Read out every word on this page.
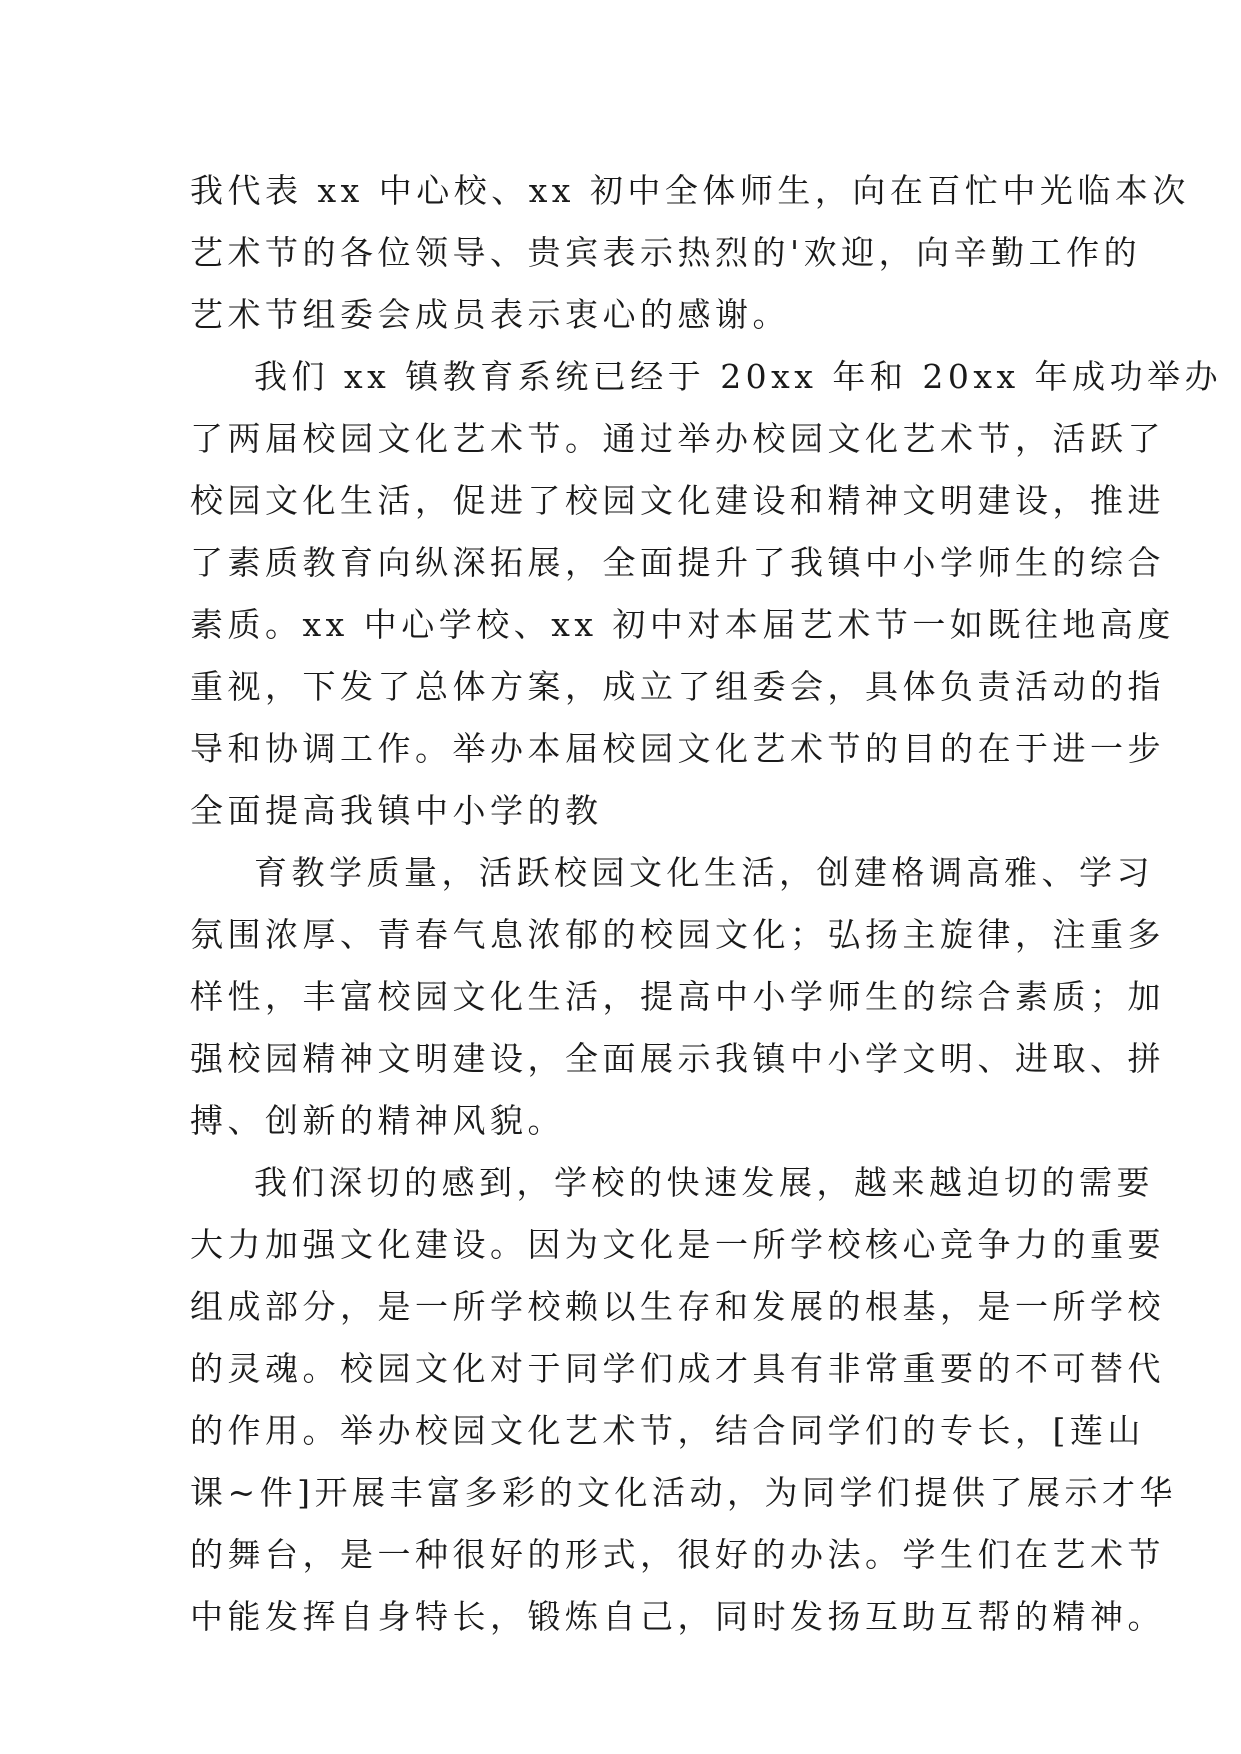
我代表 xx 中心校、xx 初中全体师生，向在百忙中光临本次
艺术节的各位领导、贵宾表示热烈的'欢迎，向辛勤工作的
艺术节组委会成员表示衷心的感谢。

我们 xx 镇教育系统已经于 20xx 年和 20xx 年成功举办
了两届校园文化艺术节。通过举办校园文化艺术节，活跃了
校园文化生活，促进了校园文化建设和精神文明建设，推进
了素质教育向纵深拓展，全面提升了我镇中小学师生的综合
素质。xx 中心学校、xx 初中对本届艺术节一如既往地高度
重视，下发了总体方案，成立了组委会，具体负责活动的指
导和协调工作。举办本届校园文化艺术节的目的在于进一步
全面提高我镇中小学的教

育教学质量，活跃校园文化生活，创建格调高雅、学习
氛围浓厚、青春气息浓郁的校园文化；弘扬主旋律，注重多
样性，丰富校园文化生活，提高中小学师生的综合素质；加
强校园精神文明建设，全面展示我镇中小学文明、进取、拼
搏、创新的精神风貌。

我们深切的感到，学校的快速发展，越来越迫切的需要
大力加强文化建设。因为文化是一所学校核心竞争力的重要
组成部分，是一所学校赖以生存和发展的根基，是一所学校
的灵魂。校园文化对于同学们成才具有非常重要的不可替代
的作用。举办校园文化艺术节，结合同学们的专长，[莲山
课~件]开展丰富多彩的文化活动，为同学们提供了展示才华
的舞台，是一种很好的形式，很好的办法。学生们在艺术节
中能发挥自身特长，锻炼自己，同时发扬互助互帮的精神。
